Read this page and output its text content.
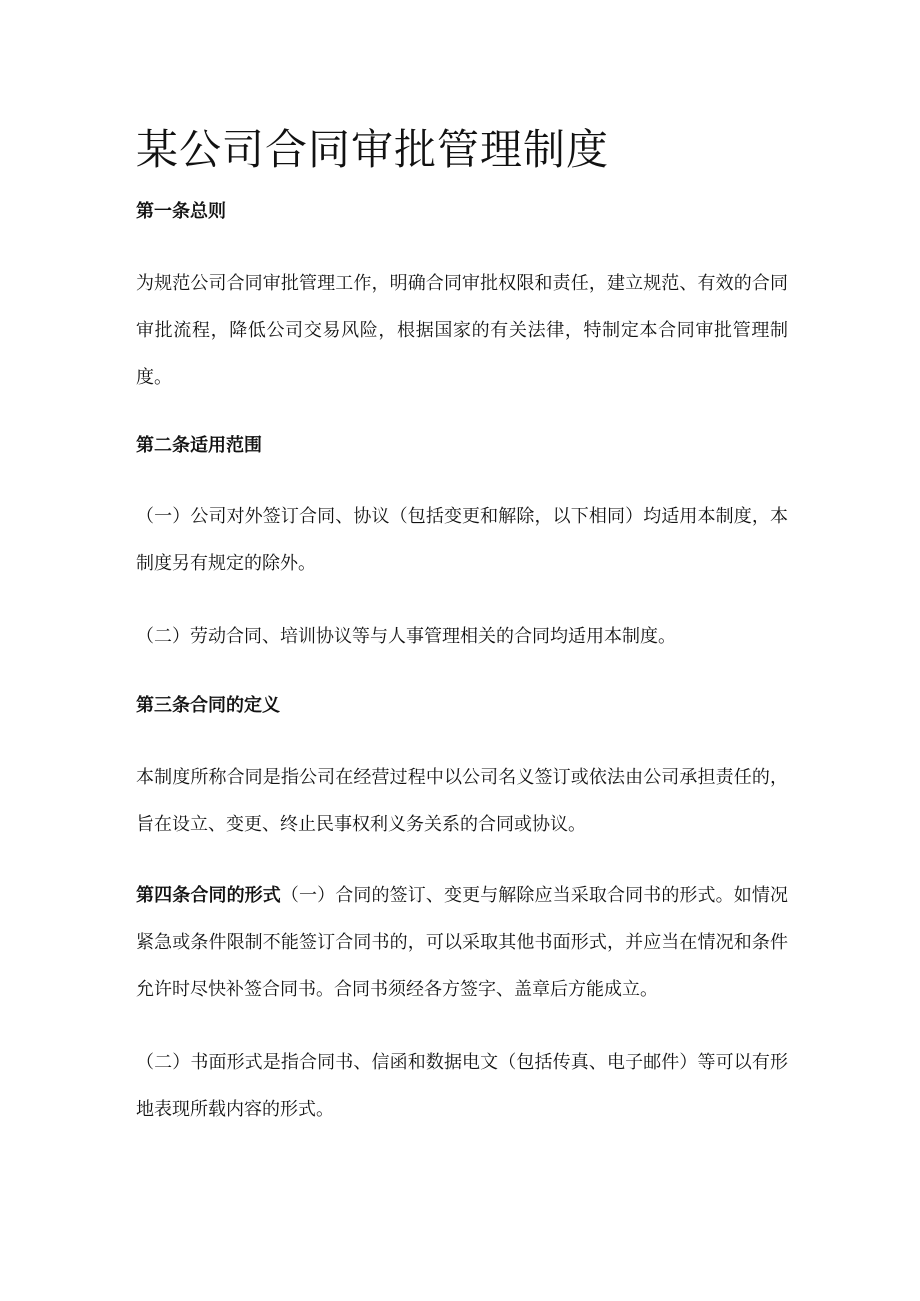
某公司合同审批管理制度
第一条总则

为规范公司合同审批管理工作，明确合同审批权限和责任，建立规范、有效的合同审批流程，降低公司交易风险，根据国家的有关法律，特制定本合同审批管理制度。

第二条适用范围

（一）公司对外签订合同、协议（包括变更和解除，以下相同）均适用本制度，本制度另有规定的除外。

（二）劳动合同、培训协议等与人事管理相关的合同均适用本制度。

第三条合同的定义

本制度所称合同是指公司在经营过程中以公司名义签订或依法由公司承担责任的，旨在设立、变更、终止民事权利义务关系的合同或协议。

第四条合同的形式（一）合同的签订、变更与解除应当采取合同书的形式。如情况紧急或条件限制不能签订合同书的，可以采取其他书面形式，并应当在情况和条件允许时尽快补签合同书。合同书须经各方签字、盖章后方能成立。

（二）书面形式是指合同书、信函和数据电文（包括传真、电子邮件）等可以有形地表现所载内容的形式。
